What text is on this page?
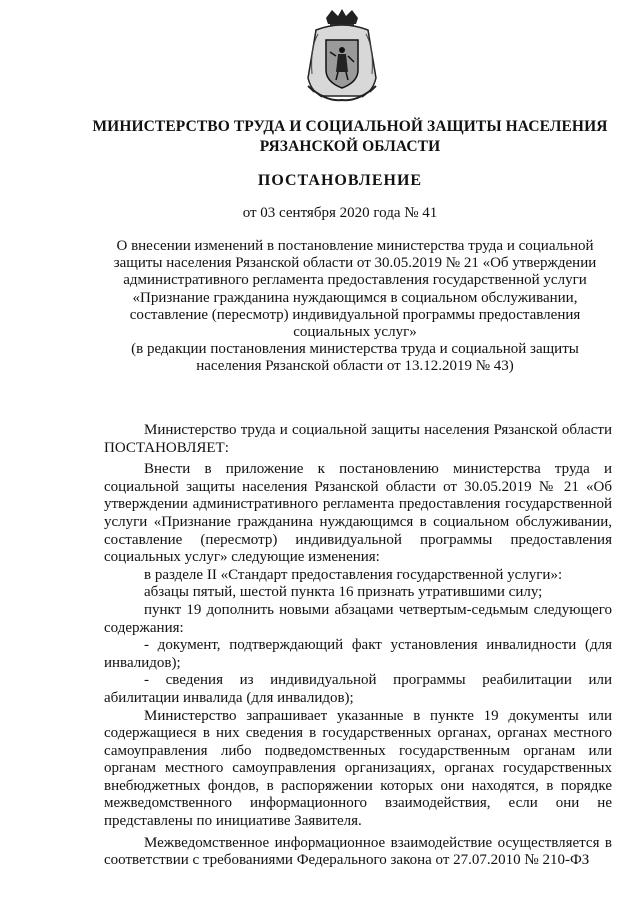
МИНИСТЕРСТВО ТРУДА И СОЦИАЛЬНОЙ ЗАЩИТЫ НАСЕЛЕНИЯ
РЯЗАНСКОЙ ОБЛАСТИ
ПОСТАНОВЛЕНИЕ
от 03 сентября 2020 года № 41
О внесении изменений в постановление министерства труда и социальной
защиты населения Рязанской области от 30.05.2019 № 21 «Об утверждении
административного регламента предоставления государственной услуги
«Признание гражданина нуждающимся в социальном обслуживании,
составление (пересмотр) индивидуальной программы предоставления
социальных услуг»
(в редакции постановления министерства труда и социальной защиты
населения Рязанской области от 13.12.2019 № 43)

Министерство труда и социальной защиты населения Рязанской области ПОСТАНОВЛЯЕТ:

Внести в приложение к постановлению министерства труда и социальной защиты населения Рязанской области от 30.05.2019 № 21 «Об утверждении административного регламента предоставления государственной услуги «Признание гражданина нуждающимся в социальном обслуживании, составление (пересмотр) индивидуальной программы предоставления социальных услуг» следующие изменения:

в разделе II «Стандарт предоставления государственной услуги»:

абзацы пятый, шестой пункта 16 признать утратившими силу;

пункт 19 дополнить новыми абзацами четвертым-седьмым следующего содержания:

- документ, подтверждающий факт установления инвалидности (для инвалидов);

- сведения из индивидуальной программы реабилитации или абилитации инвалида (для инвалидов);

Министерство запрашивает указанные в пункте 19 документы или содержащиеся в них сведения в государственных органах, органах местного самоуправления либо подведомственных государственным органам или органам местного самоуправления организациях, органах государственных внебюджетных фондов, в распоряжении которых они находятся, в порядке межведомственного информационного взаимодействия, если они не представлены по инициативе Заявителя.

Межведомственное информационное взаимодействие осуществляется в соответствии с требованиями Федерального закона от 27.07.2010 № 210-ФЗ
